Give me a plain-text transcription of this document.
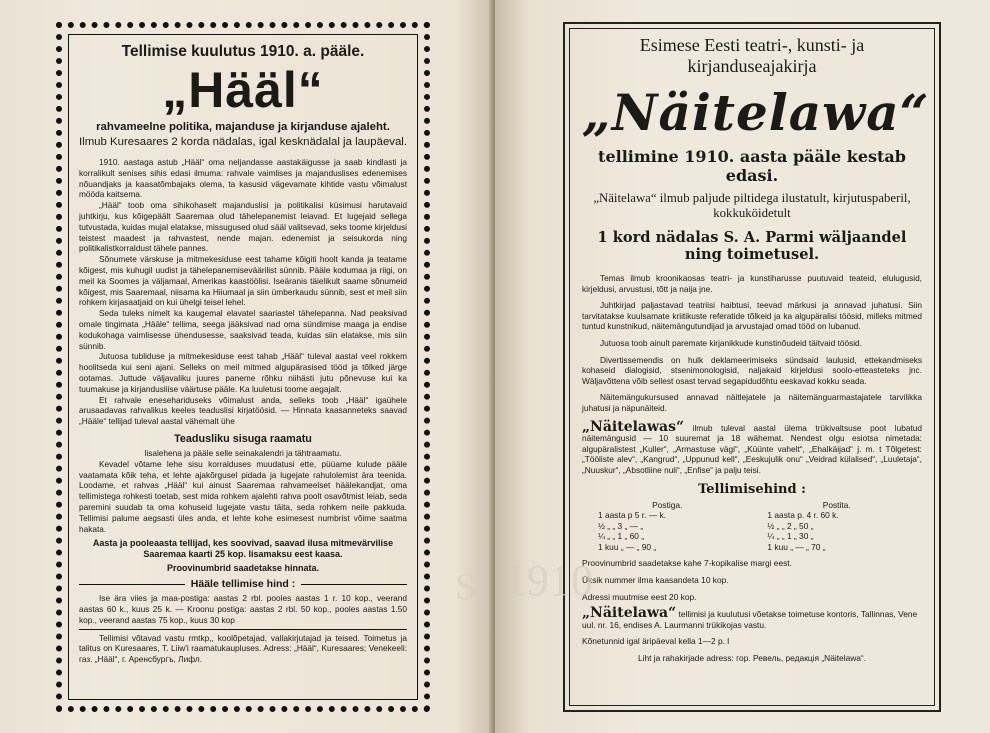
Tellimise kuulutus 1910. a. pääle.
„Hääl“
rahvameelne politika, majanduse ja kirjanduse ajaleht.
Ilmub Kuresaares 2 korda nädalas, igal kesknädalal ja laupäeval.

1910. aastaga astub „Hääl“ oma neljandasse aastakäigusse ja saab kindlasti ja korralikult senises sihis edasi ilmuma: rahvale vaimlises ja majanduslises edenemises nõuandjaks ja kaasatõmbajaks olema, ta kasusid vägevamate kihtide vastu võimalust mööda kaitsema.

„Hääl“ toob oma sihikohaselt majanduslisi ja politikalisi küsimusi harutavaid juhtkirju, kus kõigepäält Saaremaa olud tähelepanemist leiavad. Et lugejaid sellega tutvustada, kuidas mujal elatakse, missugused olud sääl valitsevad, seks toome kirjeldusi teistest maadest ja rahvastest, nende majan. edenemist ja seisukorda ning politikalistkorraldust tähele pannes.

Sõnumete värskuse ja mitmekesiduse eest tahame kõigiti hoolt kanda ja teatame kõigest, mis kuhugil uudist ja tähelepanemiseväärilist sünnib. Pääle kodumaa ja riigi, on meil ka Soomes ja väljamaal, Amerikas kaastöölisi. Iseäranis täielikult saame sõnumeid kõigest, mis Saaremaal, niisama ka Hiiumaal ja siin ümberkaudu sünnib, sest et meil siin rohkem kirjasaatjaid on kui ühelgi teisel lehel.

Seda tuleks nimelt ka kaugemal elavatel saariastel tähelepanna. Nad peaksivad omale tingimata „Hääle“ tellima, seega jääksivad nad oma sündimise maaga ja endise kodukohaga vaimlisesse ühendusesse, saaksivad teada, kuidas siin elatakse, mis siin sünnib.

Jutuosa tubliduse ja mitmekesiduse eest tahab „Hääl“ tuleval aastal veel rokkem hoolitseda kui seni ajani. Selleks on meil mitmed algupärasised tööd ja tõlked järge ootamas. Juttude väljavaliku juures paneme rõhku niihästi jutu põnevuse kui ka tuumakuse ja kirjandusliise väärtuse pääle. Ka luuletusi toome aegajalt.

Et rahvale enesehariduseks võimalust anda, selleks toob „Hääl“ igaühele arusaadavas rahvalikus keeles teaduslisi kirjatöösid. — Hinnata kaasanneteks saavad „Hääle“ tellijad tuleval aastal vähemalt ühe

Teadusliku sisuga raamatu

lisalehena ja pääle selle seinakalendri ja tähtraamatu.

Kevadel võtame lehe sisu korralduses muudatusi ette, püüame kulude pääle vaatamata kõik teha, et lehte ajakõrgusel pidada ja lugejate rahulolemist ära teenida. Loodame, et rahvas „Hääl“ kui ainust Saaremaa rahvameelset häälekandjat, oma tellimistega rohkesti toetab, sest mida rohkem ajalehti rahva poolt osavõtmist leiab, seda paremini suudab ta oma kohuseid lugejate vastu täita, seda rohkem neile pakkuda. Tellimisi palume aegsasti üles anda, et lehte kohe esimesest numbrist võime saatma hakata.

Aasta ja pooleaasta tellijad, kes soovivad, saavad ilusa mitmevärvilise Saaremaa kaarti 25 kop. lisamaksu eest kaasa.
Proovinumbrid saadetakse hinnata.
Hääle tellimise hind :

Ise ära viies ja maa-postiga: aastas 2 rbl. pooles aastas 1 r. 10 kop., veerand aastas 60 k., kuus 25 k. — Kroonu postiga: aastas 2 rbl. 50 kop., pooles aastas 1.50 kop., veerand aastas 75 kop., kuus 30 kop

Tellimisi võtavad vastu rmtkp,, koolõpetajad, vallakirjutajad ja teised. Toimetus ja talitus on Kuresaares, T. Liiw'i raamatukaupluses. Adress: „Hääl“, Kuresaares; Venekeeli: газ. „Hääl“, г. Аренсбургъ, Лифл.

S
Esimese Eesti teatri-, kunsti- ja kirjanduseajakirja
„Näitelawa“
tellimine 1910. aasta pääle kestab edasi.
„Näitelawa“ ilmub paljude piltidega ilustatult, kirjutuspaberil, kokkuköidetult
1 kord nädalas S. A. Parmi wäljaandel ning toimetusel.

Temas ilmub kroonikaosas teatri- ja kunstiharusse puutuvaid teateid, elulugusid, kirjeldusi, arvustusi, tõtt ja naija jne.

Juhtkirjad paljastavad teatriisi haibtusi, teevad märkusi ja annavad juhatusi. Siin tarvitatakse kuulsamate kriitikuste referatide tõlkeid ja ka algupäralisi töösid, milleks mitmed tuntud kunstnikud, näitemängutundijad ja arvustajad omad tööd on lubanud.

Jutuosa toob ainult paremate kirjanikkude kunstinõudeid täitvaid töösid.

Divertissemendis on hulk deklameerimiseks sündsaid laulusid, ettekandmiseks kohaseid dialogisid, stsenimonologisid, naljakaid kirjeldusi soolo-etteasteteks jnc. Wäljavõttena võib sellest osast tervad segapidudõhtu eeskavad kokku seada.

Näitemängukursused annavad näitlejatele ja näitemänguarmastajatele tarvilikka juhatusi ja näpunäiteid.

„Näitelawas“ ilmub tuleval aastal ülema trükivaltsuse poot lubatud näitemängusid — 10 suuremat ja 18 wähemat. Nendest olgu esiotsa nimetada: algupäralistest „Kuller“, „Armastuse vägi“, „Küünte vahelt“, „Ehalkäijad“ j. m. t Tõlgetest: „Tööliste alev“, „Kangrud“, „Uppunud kell“, „Eeskujulik onu“ „Veidrad külalised“, „Luuletaja“, „Nuuskur“, „Absotliine nuli“, „Enfise“ ja palju teisi.

Tellimisehind :
Postiga.
1 aasta p 5 r. — k.
½ „ „ 3 „ — „
¼ „ „ 1 „ 60 „
1 kuu „ — „ 90 „
Postita.
1 aasta p. 4 r. 60 k.
½ „ „ 2 „ 50 „
¼ „ „ 1 „ 30 „
1 kuu „ — „ 70 „

Proovinumbrid saadetakse kahe 7-kopikalise margi eest.

Üksik nummer ilma kaasandeta 10 kop.

Adressi muutmise eest 20 kop.

„Näitelawa“ tellimisi ja kuulutusi võetakse toimetuse kontoris, Tallinnas, Vene uul. nr. 16, endises A. Laurmanni trükikojas vastu.

Kõnetunnid igal äripäeval kella 1—2 p. l

Liht ja rahakirjade adress: гор. Ревель, редакція „Näitelawa“.

1910
